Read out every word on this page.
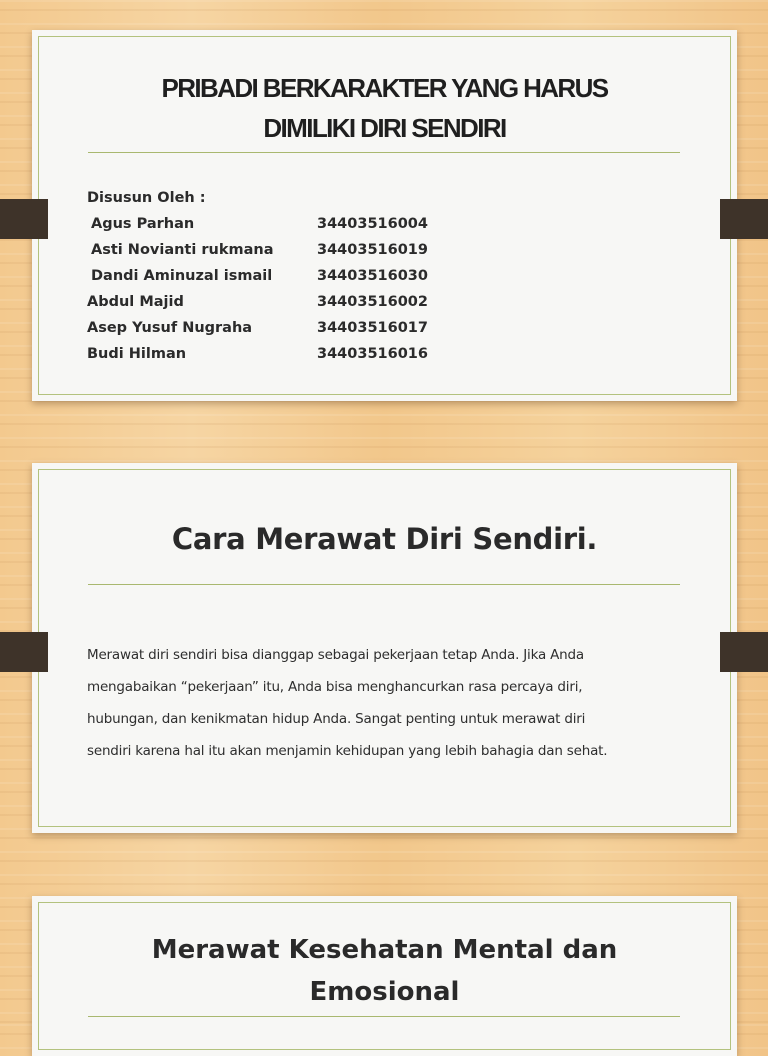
PRIBADI BERKARAKTER YANG HARUS
DIMILIKI DIRI SENDIRI
Disusun Oleh :
Agus Parhan	34403516004
Asti Novianti rukmana	34403516019
Dandi Aminuzal ismail	34403516030
Abdul Majid	34403516002
Asep Yusuf Nugraha	34403516017
Budi Hilman	34403516016
Cara Merawat Diri Sendiri.
Merawat diri sendiri bisa dianggap sebagai pekerjaan tetap Anda. Jika Anda
mengabaikan “pekerjaan” itu, Anda bisa menghancurkan rasa percaya diri,
hubungan, dan kenikmatan hidup Anda. Sangat penting untuk merawat diri
sendiri karena hal itu akan menjamin kehidupan yang lebih bahagia dan sehat.
Merawat Kesehatan Mental dan
Emosional
